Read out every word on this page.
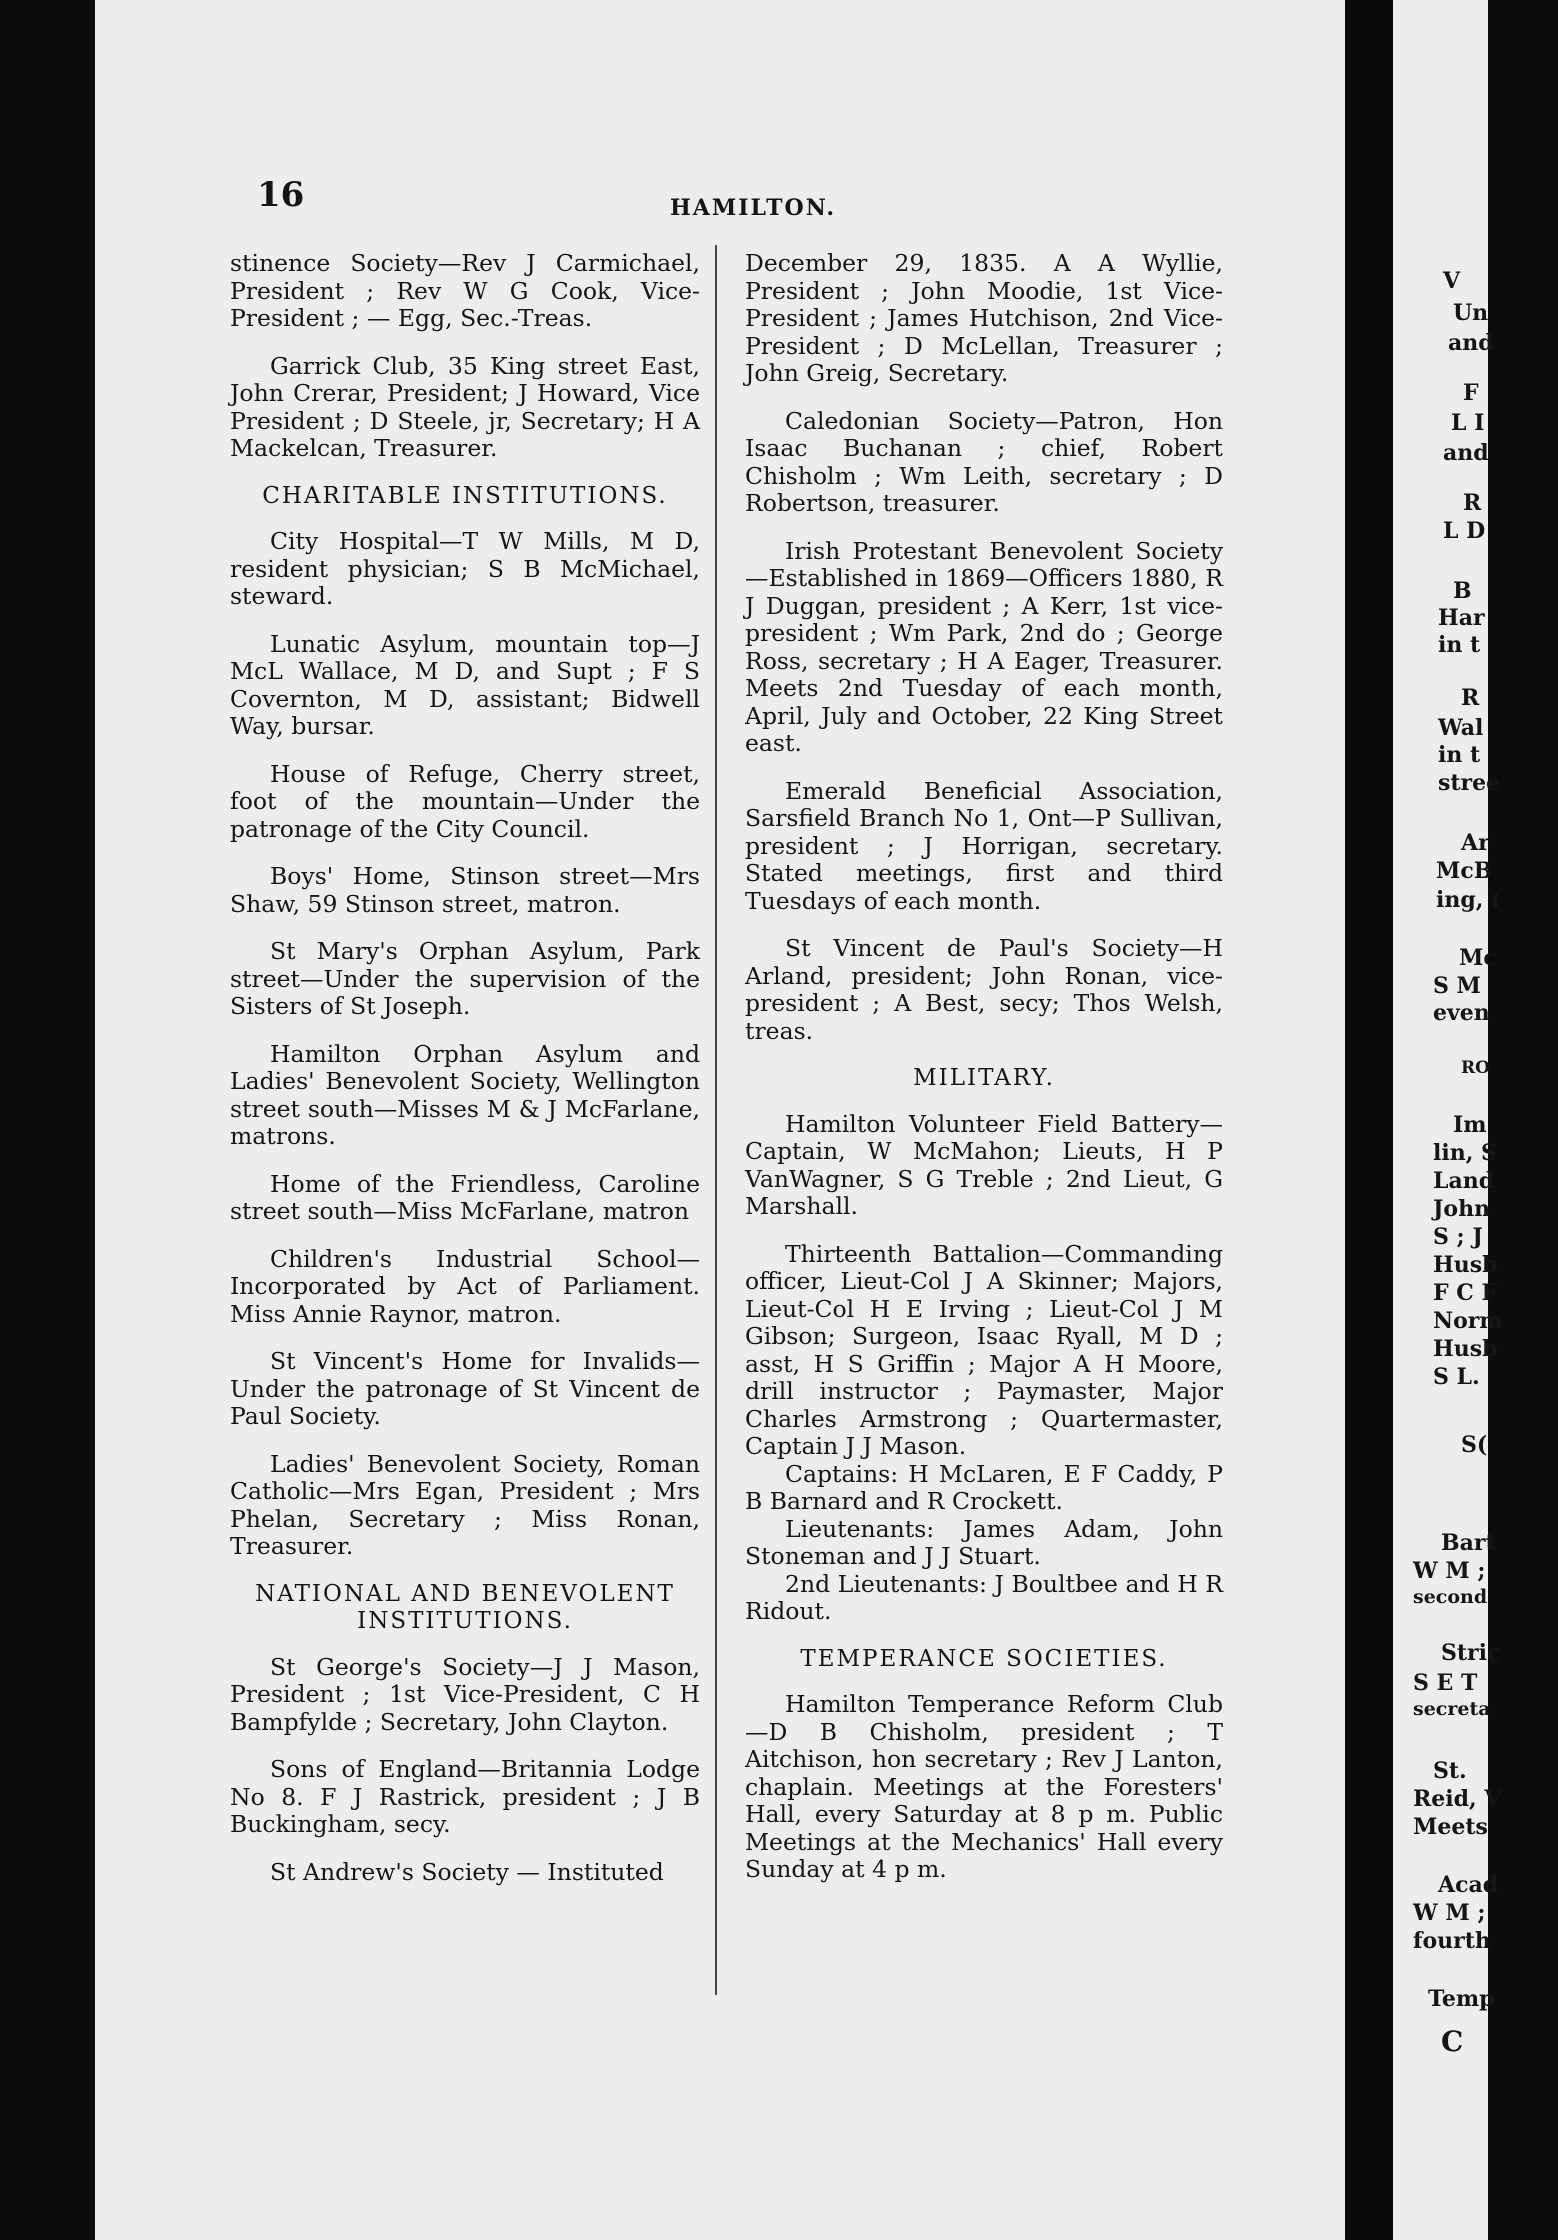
V
Un
and
F
L I
and
R
L D
B
Har
in t
R
Wal
in t
stree
Ar
McB
ing, (
Mc
S M
even
RO
Im
lin, S
Land
John
S ; J
Husb
F C F
Norm
Husb
S L.
S(
Bart
W M ;
second
Stric
S E T
secreta
St.
Reid, V
Meets
Acad
W M ;
fourth
Temp
C
16	HAMILTON.

stinence Society—Rev J Carmichael, President ; Rev W G Cook, Vice-President ; — Egg, Sec.-Treas.

Garrick Club, 35 King street East, John Crerar, President; J Howard, Vice President ; D Steele, jr, Secretary; H A Mackelcan, Treasurer.

CHARITABLE INSTITUTIONS.

City Hospital—T W Mills, M D, resident physician; S B McMichael, steward.

Lunatic Asylum, mountain top—J McL Wallace, M D, and Supt ; F S Covernton, M D, assistant; Bidwell Way, bursar.

House of Refuge, Cherry street, foot of the mountain—Under the patronage of the City Council.

Boys' Home, Stinson street—Mrs Shaw, 59 Stinson street, matron.

St Mary's Orphan Asylum, Park street—Under the supervision of the Sisters of St Joseph.

Hamilton Orphan Asylum and Ladies' Benevolent Society, Wellington street south—Misses M & J McFarlane, matrons.

Home of the Friendless, Caroline street south—Miss McFarlane, matron

Children's Industrial School—Incorporated by Act of Parliament. Miss Annie Raynor, matron.

St Vincent's Home for Invalids—Under the patronage of St Vincent de Paul Society.

Ladies' Benevolent Society, Roman Catholic—Mrs Egan, President ; Mrs Phelan, Secretary ; Miss Ronan, Treasurer.

NATIONAL AND BENEVOLENT INSTITUTIONS.

St George's Society—J J Mason, President ; 1st Vice-President, C H Bampfylde ; Secretary, John Clayton.

Sons of England—Britannia Lodge No 8. F J Rastrick, president ; J B Buckingham, secy.

St Andrew's Society — Instituted

December 29, 1835. A A Wyllie, President ; John Moodie, 1st Vice-President ; James Hutchison, 2nd Vice-President ; D McLellan, Treasurer ; John Greig, Secretary.

Caledonian Society—Patron, Hon Isaac Buchanan ; chief, Robert Chisholm ; Wm Leith, secretary ; D Robertson, treasurer.

Irish Protestant Benevolent Society —Established in 1869—Officers 1880, R J Duggan, president ; A Kerr, 1st vice-president ; Wm Park, 2nd do ; George Ross, secretary ; H A Eager, Treasurer. Meets 2nd Tuesday of each month, April, July and October, 22 King Street east.

Emerald Beneficial Association, Sarsfield Branch No 1, Ont—P Sullivan, president ; J Horrigan, secretary. Stated meetings, first and third Tuesdays of each month.

St Vincent de Paul's Society—H Arland, president; John Ronan, vice-president ; A Best, secy; Thos Welsh, treas.

MILITARY.

Hamilton Volunteer Field Battery—Captain, W McMahon; Lieuts, H P VanWagner, S G Treble ; 2nd Lieut, G Marshall.

Thirteenth Battalion—Commanding officer, Lieut-Col J A Skinner; Majors, Lieut-Col H E Irving ; Lieut-Col J M Gibson; Surgeon, Isaac Ryall, M D ; asst, H S Griffin ; Major A H Moore, drill instructor ; Paymaster, Major Charles Armstrong ; Quartermaster, Captain J J Mason.

Captains: H McLaren, E F Caddy, P B Barnard and R Crockett.

Lieutenants: James Adam, John Stoneman and J J Stuart.

2nd Lieutenants: J Boultbee and H R Ridout.

TEMPERANCE SOCIETIES.

Hamilton Temperance Reform Club —D B Chisholm, president ; T Aitchison, hon secretary ; Rev J Lanton, chaplain. Meetings at the Foresters' Hall, every Saturday at 8 p m. Public Meetings at the Mechanics' Hall every Sunday at 4 p m.
